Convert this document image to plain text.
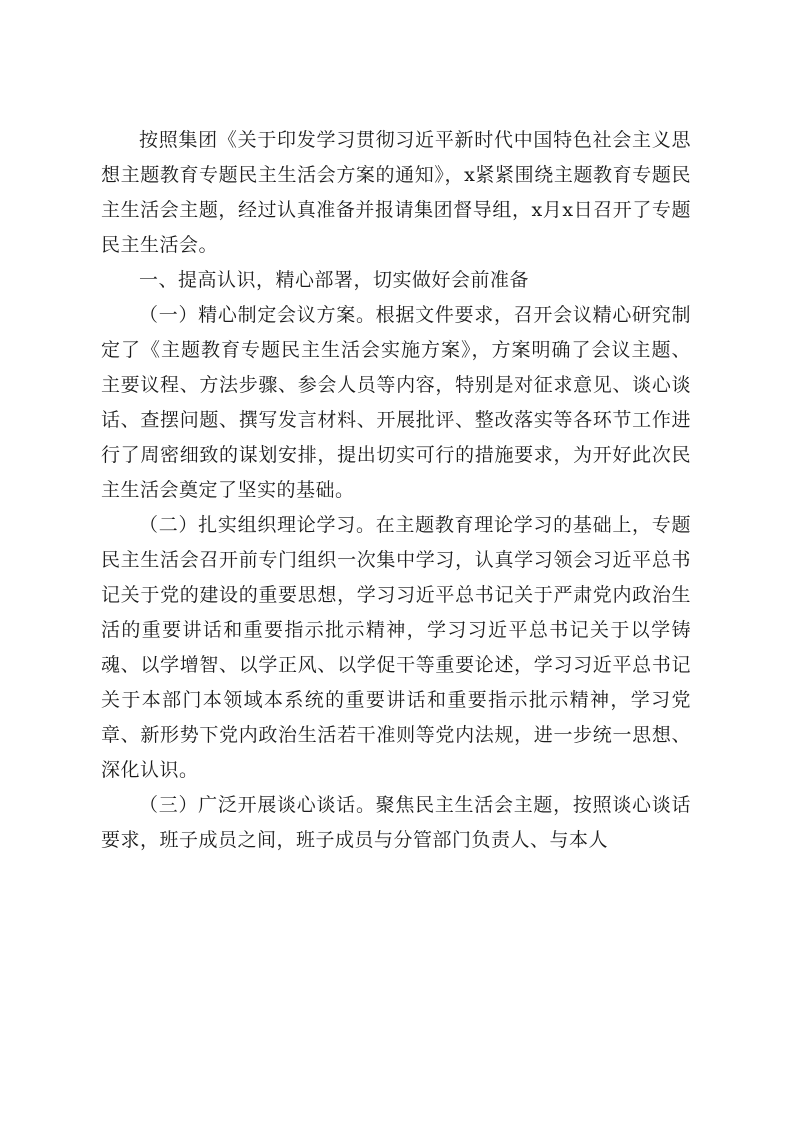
按照集团《关于印发学习贯彻习近平新时代中国特色社会主义思想主题教育专题民主生活会方案的通知》，x紧紧围绕主题教育专题民主生活会主题，经过认真准备并报请集团督导组，x月x日召开了专题民主生活会。

一、提高认识，精心部署，切实做好会前准备

（一）精心制定会议方案。根据文件要求，召开会议精心研究制定了《主题教育专题民主生活会实施方案》，方案明确了会议主题、主要议程、方法步骤、参会人员等内容，特别是对征求意见、谈心谈话、查摆问题、撰写发言材料、开展批评、整改落实等各环节工作进行了周密细致的谋划安排，提出切实可行的措施要求，为开好此次民主生活会奠定了坚实的基础。

（二）扎实组织理论学习。在主题教育理论学习的基础上，专题民主生活会召开前专门组织一次集中学习，认真学习领会习近平总书记关于党的建设的重要思想，学习习近平总书记关于严肃党内政治生活的重要讲话和重要指示批示精神，学习习近平总书记关于以学铸魂、以学增智、以学正风、以学促干等重要论述，学习习近平总书记关于本部门本领域本系统的重要讲话和重要指示批示精神，学习党章、新形势下党内政治生活若干准则等党内法规，进一步统一思想、深化认识。

（三）广泛开展谈心谈话。聚焦民主生活会主题，按照谈心谈话要求，班子成员之间，班子成员与分管部门负责人、与本人
